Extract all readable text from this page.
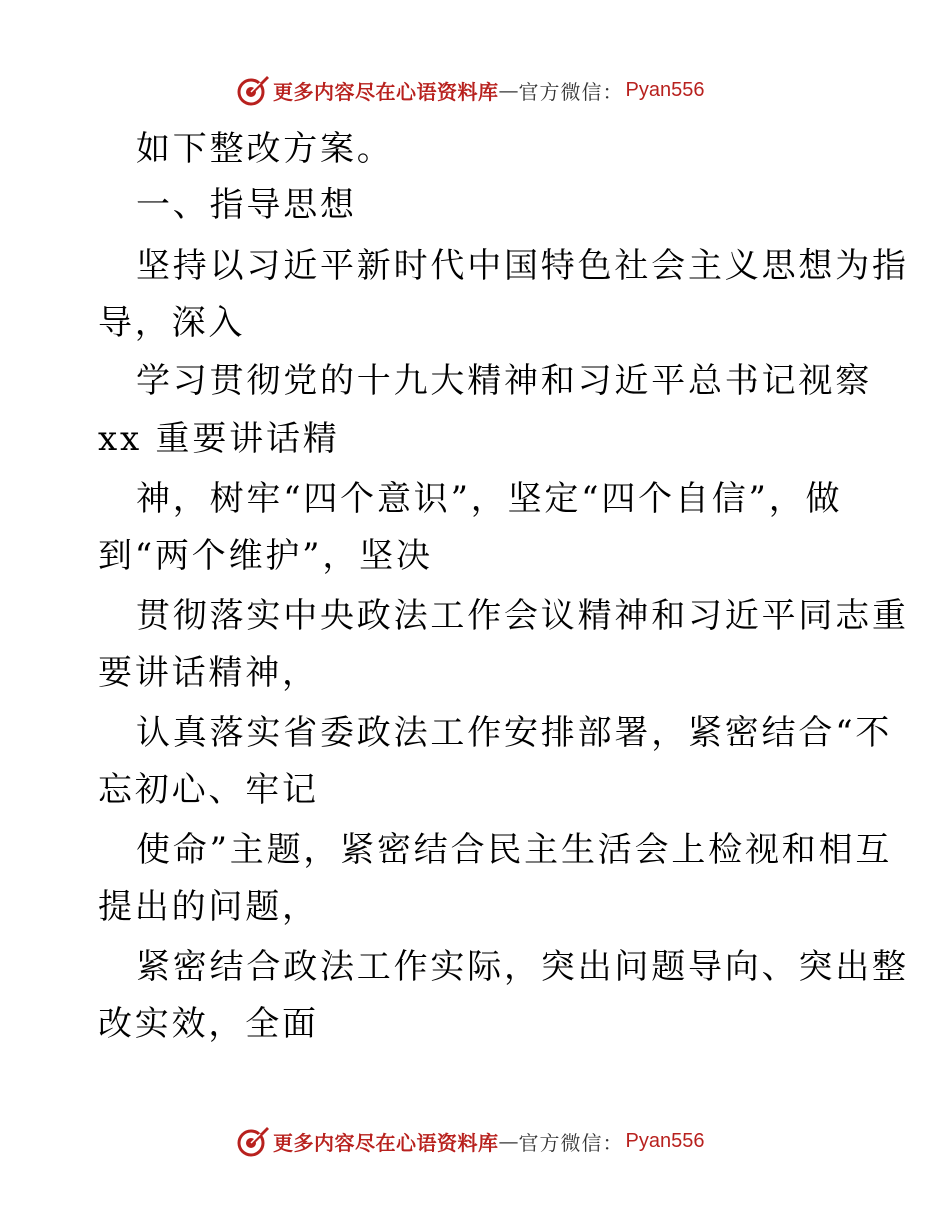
更多内容尽在心语资料库 — 官方微信： Pyan556
如下整改方案。
一、指导思想
坚持以习近平新时代中国特色社会主义思想为指
导，深入
学习贯彻党的十九大精神和习近平总书记视察
xx 重要讲话精
神，树牢“四个意识”，坚定“四个自信”，做
到“两个维护”，坚决
贯彻落实中央政法工作会议精神和习近平同志重
要讲话精神，
认真落实省委政法工作安排部署，紧密结合“不
忘初心、牢记
使命”主题，紧密结合民主生活会上检视和相互
提出的问题，
紧密结合政法工作实际，突出问题导向、突出整
改实效，全面
更多内容尽在心语资料库 — 官方微信： Pyan556
